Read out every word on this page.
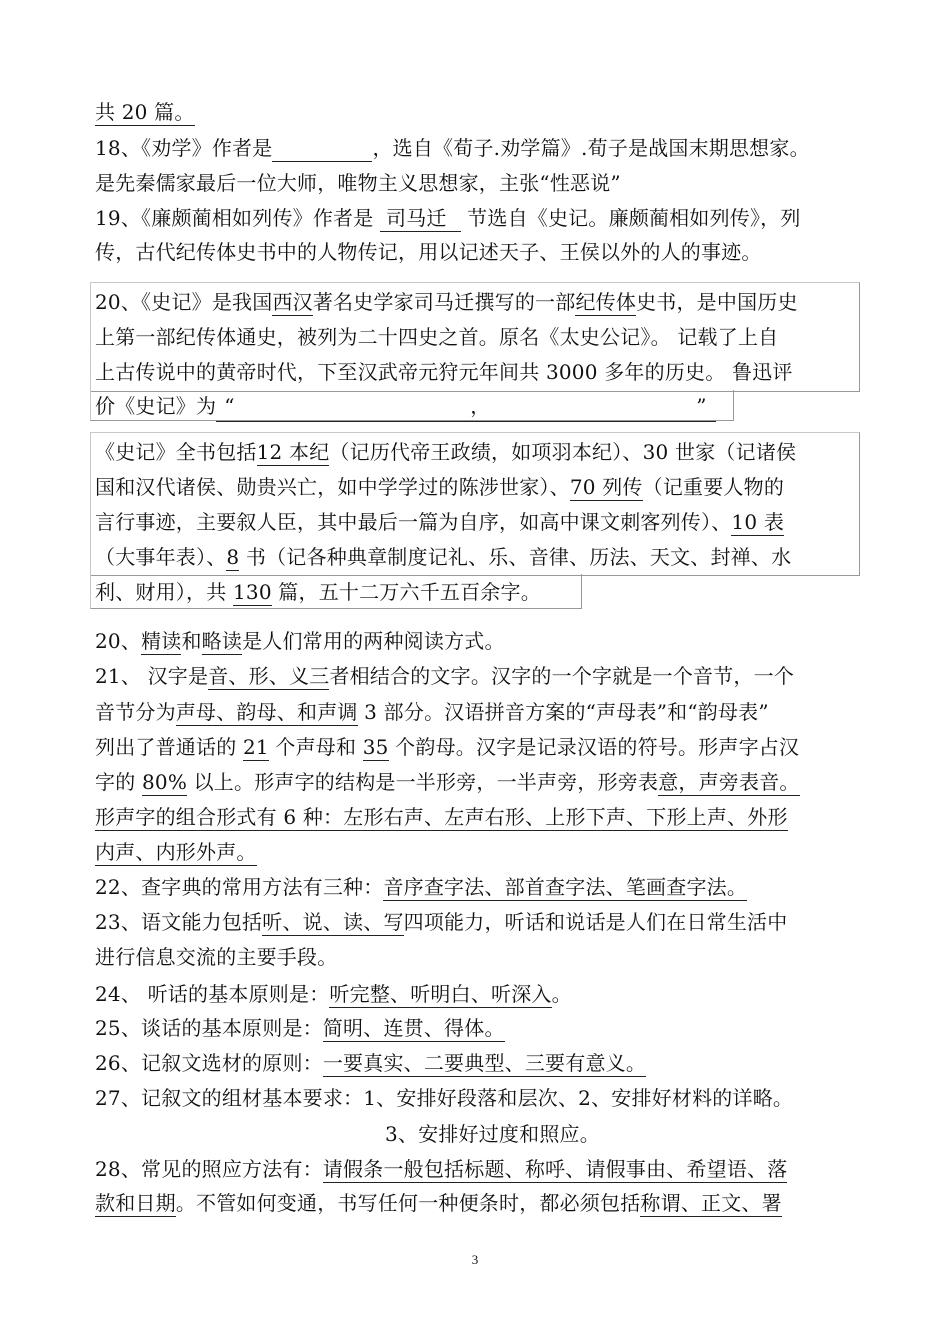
共 20 篇。
18、《劝学》作者是	，选自《荀子.劝学篇》.荀子是战国末期思想家。
是先秦儒家最后一位大师，唯物主义思想家，主张“性恶说”
19、《廉颇蔺相如列传》作者是 司马迁 节选自《史记。廉颇蔺相如列传》，列
传，古代纪传体史书中的人物传记，用以记述天子、王侯以外的人的事迹。
20、《史记》是我国西汉著名史学家司马迁撰写的一部纪传体史书，是中国历史
上第一部纪传体通史，被列为二十四史之首。原名《太史公记》。 记载了上自
上古传说中的黄帝时代，下至汉武帝元狩元年间共 3000 多年的历史。 鲁迅评
价《史记》为 “	，	”

《史记》全书包括12 本纪（记历代帝王政绩，如项羽本纪）、30 世家（记诸侯
国和汉代诸侯、勋贵兴亡，如中学学过的陈涉世家）、70 列传（记重要人物的
言行事迹，主要叙人臣，其中最后一篇为自序，如高中课文刺客列传）、10 表
（大事年表）、8 书（记各种典章制度记礼、乐、音律、历法、天文、封禅、水
利、财用），共 130 篇，五十二万六千五百余字。
20、精读和略读是人们常用的两种阅读方式。
21、 汉字是音、形、义三者相结合的文字。汉字的一个字就是一个音节，一个
音节分为声母、韵母、和声调 3 部分。汉语拼音方案的“声母表”和“韵母表”
列出了普通话的 21 个声母和 35 个韵母。汉字是记录汉语的符号。形声字占汉
字的 80% 以上。形声字的结构是一半形旁，一半声旁，形旁表意，声旁表音。
形声字的组合形式有 6 种：左形右声、左声右形、上形下声、下形上声、外形
内声、内形外声。
22、查字典的常用方法有三种：音序查字法、部首查字法、笔画查字法。
23、语文能力包括听、说、读、写四项能力，听话和说话是人们在日常生活中
进行信息交流的主要手段。
24、 听话的基本原则是：听完整、听明白、听深入。
25、谈话的基本原则是：简明、连贯、得体。
26、记叙文选材的原则：一要真实、二要典型、三要有意义。
27、记叙文的组材基本要求：1、安排好段落和层次、2、安排好材料的详略。
3、安排好过度和照应。
28、常见的照应方法有：请假条一般包括标题、称呼、请假事由、希望语、落
款和日期。不管如何变通，书写任何一种便条时，都必须包括称谓、正文、署
3
